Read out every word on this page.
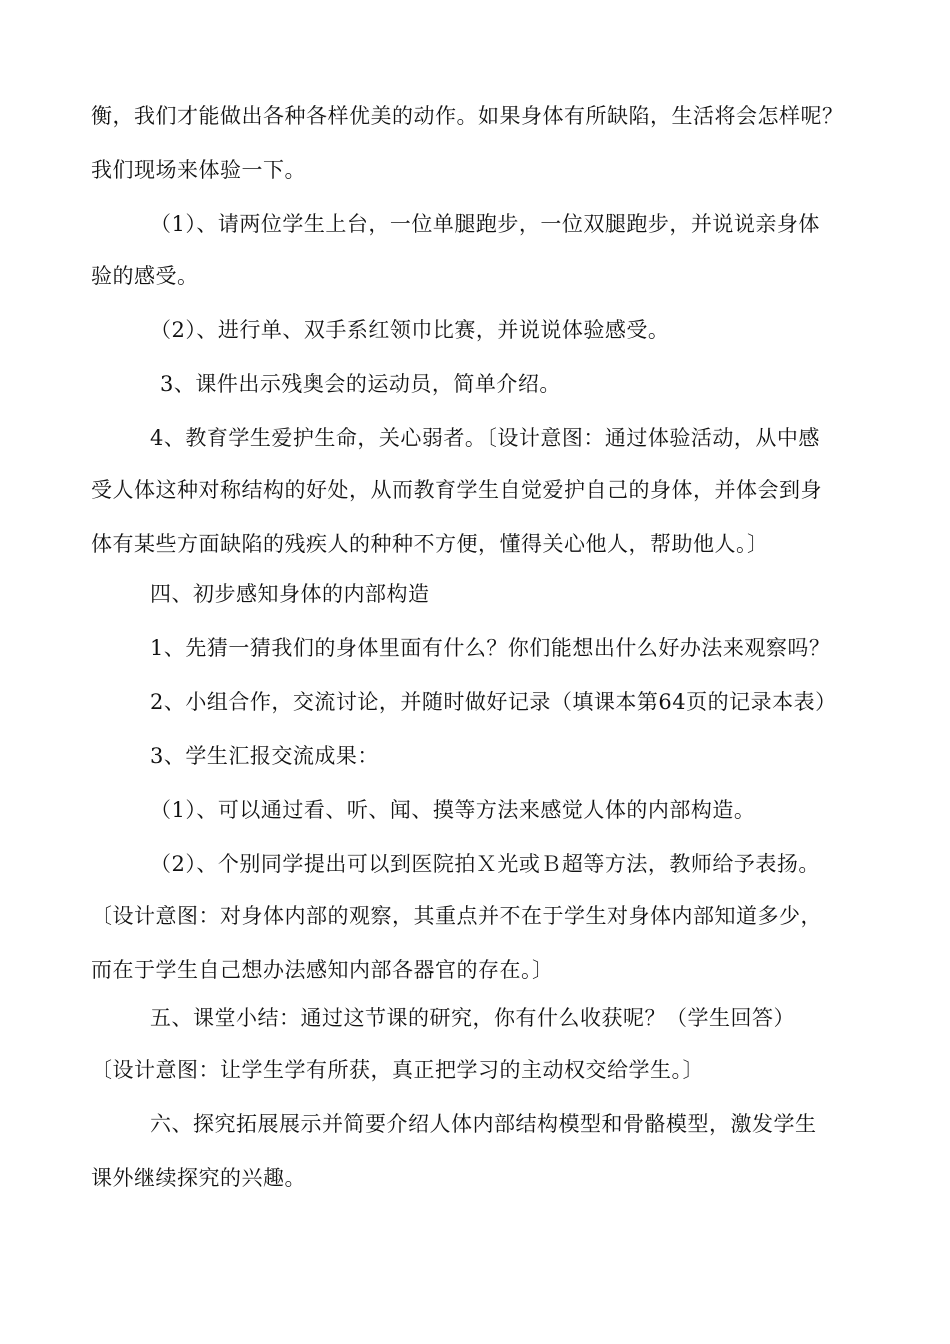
衡，我们才能做出各种各样优美的动作。如果身体有所缺陷，生活将会怎样呢？
我们现场来体验一下。
（1）、请两位学生上台，一位单腿跑步，一位双腿跑步，并说说亲身体
验的感受。
（2）、进行单、双手系红领巾比赛，并说说体验感受。
3、课件出示残奥会的运动员，简单介绍。
4、教育学生爱护生命，关心弱者。〔设计意图：通过体验活动，从中感
受人体这种对称结构的好处，从而教育学生自觉爱护自己的身体，并体会到身
体有某些方面缺陷的残疾人的种种不方便，懂得关心他人，帮助他人。〕
四、初步感知身体的内部构造
1、先猜一猜我们的身体里面有什么？你们能想出什么好办法来观察吗？
2、小组合作，交流讨论，并随时做好记录（填课本第64页的记录本表）
3、学生汇报交流成果：
（1）、可以通过看、听、闻、摸等方法来感觉人体的内部构造。
（2）、个别同学提出可以到医院拍Ｘ光或Ｂ超等方法，教师给予表扬。
〔设计意图：对身体内部的观察，其重点并不在于学生对身体内部知道多少，
而在于学生自己想办法感知内部各器官的存在。〕
五、课堂小结：通过这节课的研究，你有什么收获呢？（学生回答）
〔设计意图：让学生学有所获，真正把学习的主动权交给学生。〕
六、探究拓展展示并简要介绍人体内部结构模型和骨骼模型，激发学生
课外继续探究的兴趣。
